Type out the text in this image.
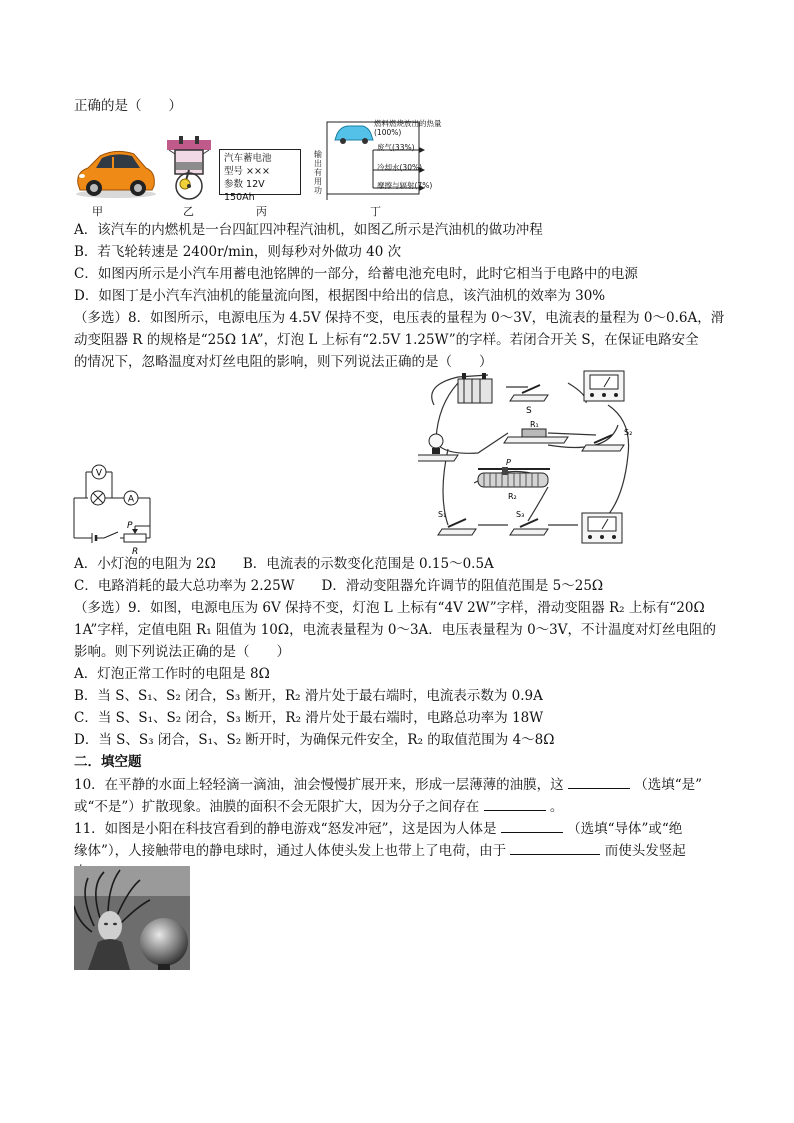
正确的是（　　）
甲	乙
汽车蓄电池
型号 ×××
参数 12V 150Ah
丙
燃料燃烧放出的热量(100%)
废气(33%)
冷却水(30%)
摩擦与辐射(7%)
输出有用功
丁
A．该汽车的内燃机是一台四缸四冲程汽油机，如图乙所示是汽油机的做功冲程
B．若飞轮转速是 2400r/min，则每秒对外做功 40 次
C．如图丙所示是小汽车用蓄电池铭牌的一部分，给蓄电池充电时，此时它相当于电路中的电源
D．如图丁是小汽车汽油机的能量流向图，根据图中给出的信息，该汽油机的效率为 30%
（多选）8．如图所示，电源电压为 4.5V 保持不变，电压表的量程为 0～3V，电流表的量程为 0～0.6A，滑
动变阻器 R 的规格是“25Ω 1A”，灯泡 L 上标有“2.5V 1.25W”的字样。若闭合开关 S，在保证电路安全
的情况下，忽略温度对灯丝电阻的影响，则下列说法正确的是（　　）
V
A
P
R
S
R₁
S₂
P
R₂
S₁	S₃
A．小灯泡的电阻为 2Ω　　B．电流表的示数变化范围是 0.15～0.5A
C．电路消耗的最大总功率为 2.25W　　D．滑动变阻器允许调节的阻值范围是 5～25Ω
（多选）9．如图，电源电压为 6V 保持不变，灯泡 L 上标有“4V 2W”字样，滑动变阻器 R₂ 上标有“20Ω
1A”字样，定值电阻 R₁ 阻值为 10Ω，电流表量程为 0～3A．电压表量程为 0～3V，不计温度对灯丝电阻的
影响。则下列说法正确的是（　　）
A．灯泡正常工作时的电阻是 8Ω
B．当 S、S₁、S₂ 闭合，S₃ 断开，R₂ 滑片处于最右端时，电流表示数为 0.9A
C．当 S、S₁、S₂ 闭合，S₃ 断开，R₂ 滑片处于最右端时，电路总功率为 18W
D．当 S、S₃ 闭合，S₁、S₂ 断开时，为确保元件安全，R₂ 的取值范围为 4～8Ω
二．填空题
10．在平静的水面上轻轻滴一滴油，油会慢慢扩展开来，形成一层薄薄的油膜，这	（选填“是”
或“不是”）扩散现象。油膜的面积不会无限扩大，因为分子之间存在	。
11．如图是小阳在科技宫看到的静电游戏“怒发冲冠”，这是因为人体是	（选填“导体”或“绝
缘体”），人接触带电的静电球时，通过人体使头发上也带上了电荷，由于	而使头发竖起
